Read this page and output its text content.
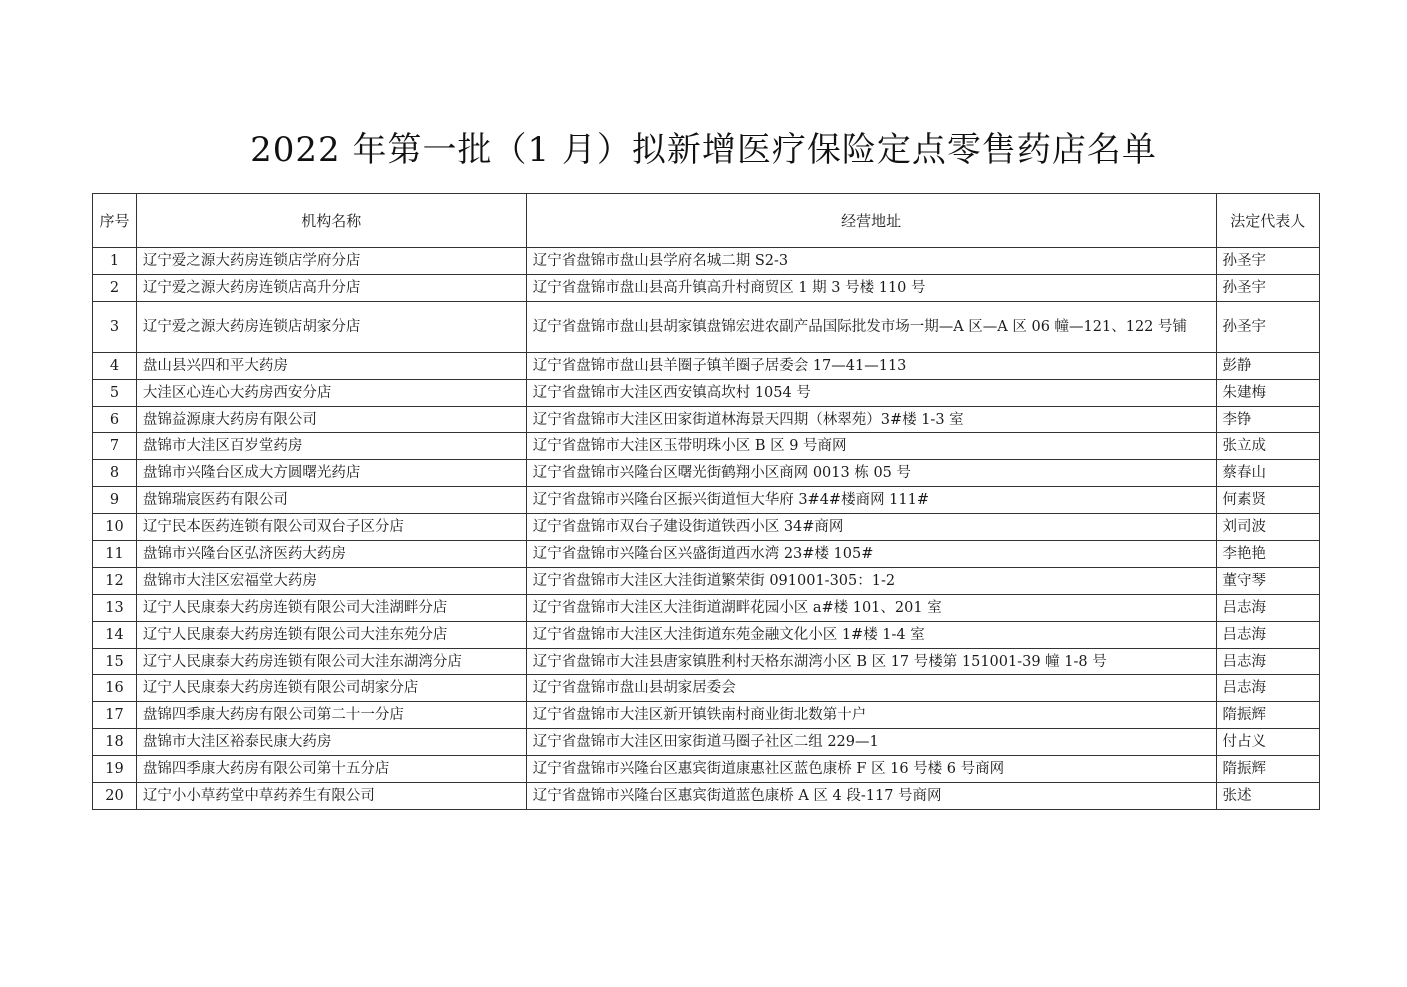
2022 年第一批（1 月）拟新增医疗保险定点零售药店名单
序号	机构名称	经营地址	法定代表人
1	辽宁爱之源大药房连锁店学府分店	辽宁省盘锦市盘山县学府名城二期 S2-3	孙圣宇
2	辽宁爱之源大药房连锁店高升分店	辽宁省盘锦市盘山县高升镇高升村商贸区 1 期 3 号楼 110 号	孙圣宇
3	辽宁爱之源大药房连锁店胡家分店	辽宁省盘锦市盘山县胡家镇盘锦宏进农副产品国际批发市场一期—A 区—A 区 06 幢—121、122 号铺	孙圣宇
4	盘山县兴四和平大药房	辽宁省盘锦市盘山县羊圈子镇羊圈子居委会 17—41—113	彭静
5	大洼区心连心大药房西安分店	辽宁省盘锦市大洼区西安镇高坎村 1054 号	朱建梅
6	盘锦益源康大药房有限公司	辽宁省盘锦市大洼区田家街道林海景天四期（林翠苑）3#楼 1-3 室	李铮
7	盘锦市大洼区百岁堂药房	辽宁省盘锦市大洼区玉带明珠小区 B 区 9 号商网	张立成
8	盘锦市兴隆台区成大方圆曙光药店	辽宁省盘锦市兴隆台区曙光街鹤翔小区商网 0013 栋 05 号	蔡春山
9	盘锦瑞宸医药有限公司	辽宁省盘锦市兴隆台区振兴街道恒大华府 3#4#楼商网 111#	何素贤
10	辽宁民本医药连锁有限公司双台子区分店	辽宁省盘锦市双台子建设街道铁西小区 34#商网	刘司波
11	盘锦市兴隆台区弘济医药大药房	辽宁省盘锦市兴隆台区兴盛街道西水湾 23#楼 105#	李艳艳
12	盘锦市大洼区宏福堂大药房	辽宁省盘锦市大洼区大洼街道繁荣街 091001-305：1-2	董守琴
13	辽宁人民康泰大药房连锁有限公司大洼湖畔分店	辽宁省盘锦市大洼区大洼街道湖畔花园小区 a#楼 101、201 室	吕志海
14	辽宁人民康泰大药房连锁有限公司大洼东苑分店	辽宁省盘锦市大洼区大洼街道东苑金融文化小区 1#楼 1-4 室	吕志海
15	辽宁人民康泰大药房连锁有限公司大洼东湖湾分店	辽宁省盘锦市大洼县唐家镇胜利村天格东湖湾小区 B 区 17 号楼第 151001-39 幢 1-8 号	吕志海
16	辽宁人民康泰大药房连锁有限公司胡家分店	辽宁省盘锦市盘山县胡家居委会	吕志海
17	盘锦四季康大药房有限公司第二十一分店	辽宁省盘锦市大洼区新开镇铁南村商业街北数第十户	隋振辉
18	盘锦市大洼区裕泰民康大药房	辽宁省盘锦市大洼区田家街道马圈子社区二组 229—1	付占义
19	盘锦四季康大药房有限公司第十五分店	辽宁省盘锦市兴隆台区惠宾街道康惠社区蓝色康桥 F 区 16 号楼 6 号商网	隋振辉
20	辽宁小小草药堂中草药养生有限公司	辽宁省盘锦市兴隆台区惠宾街道蓝色康桥 A 区 4 段-117 号商网	张述
